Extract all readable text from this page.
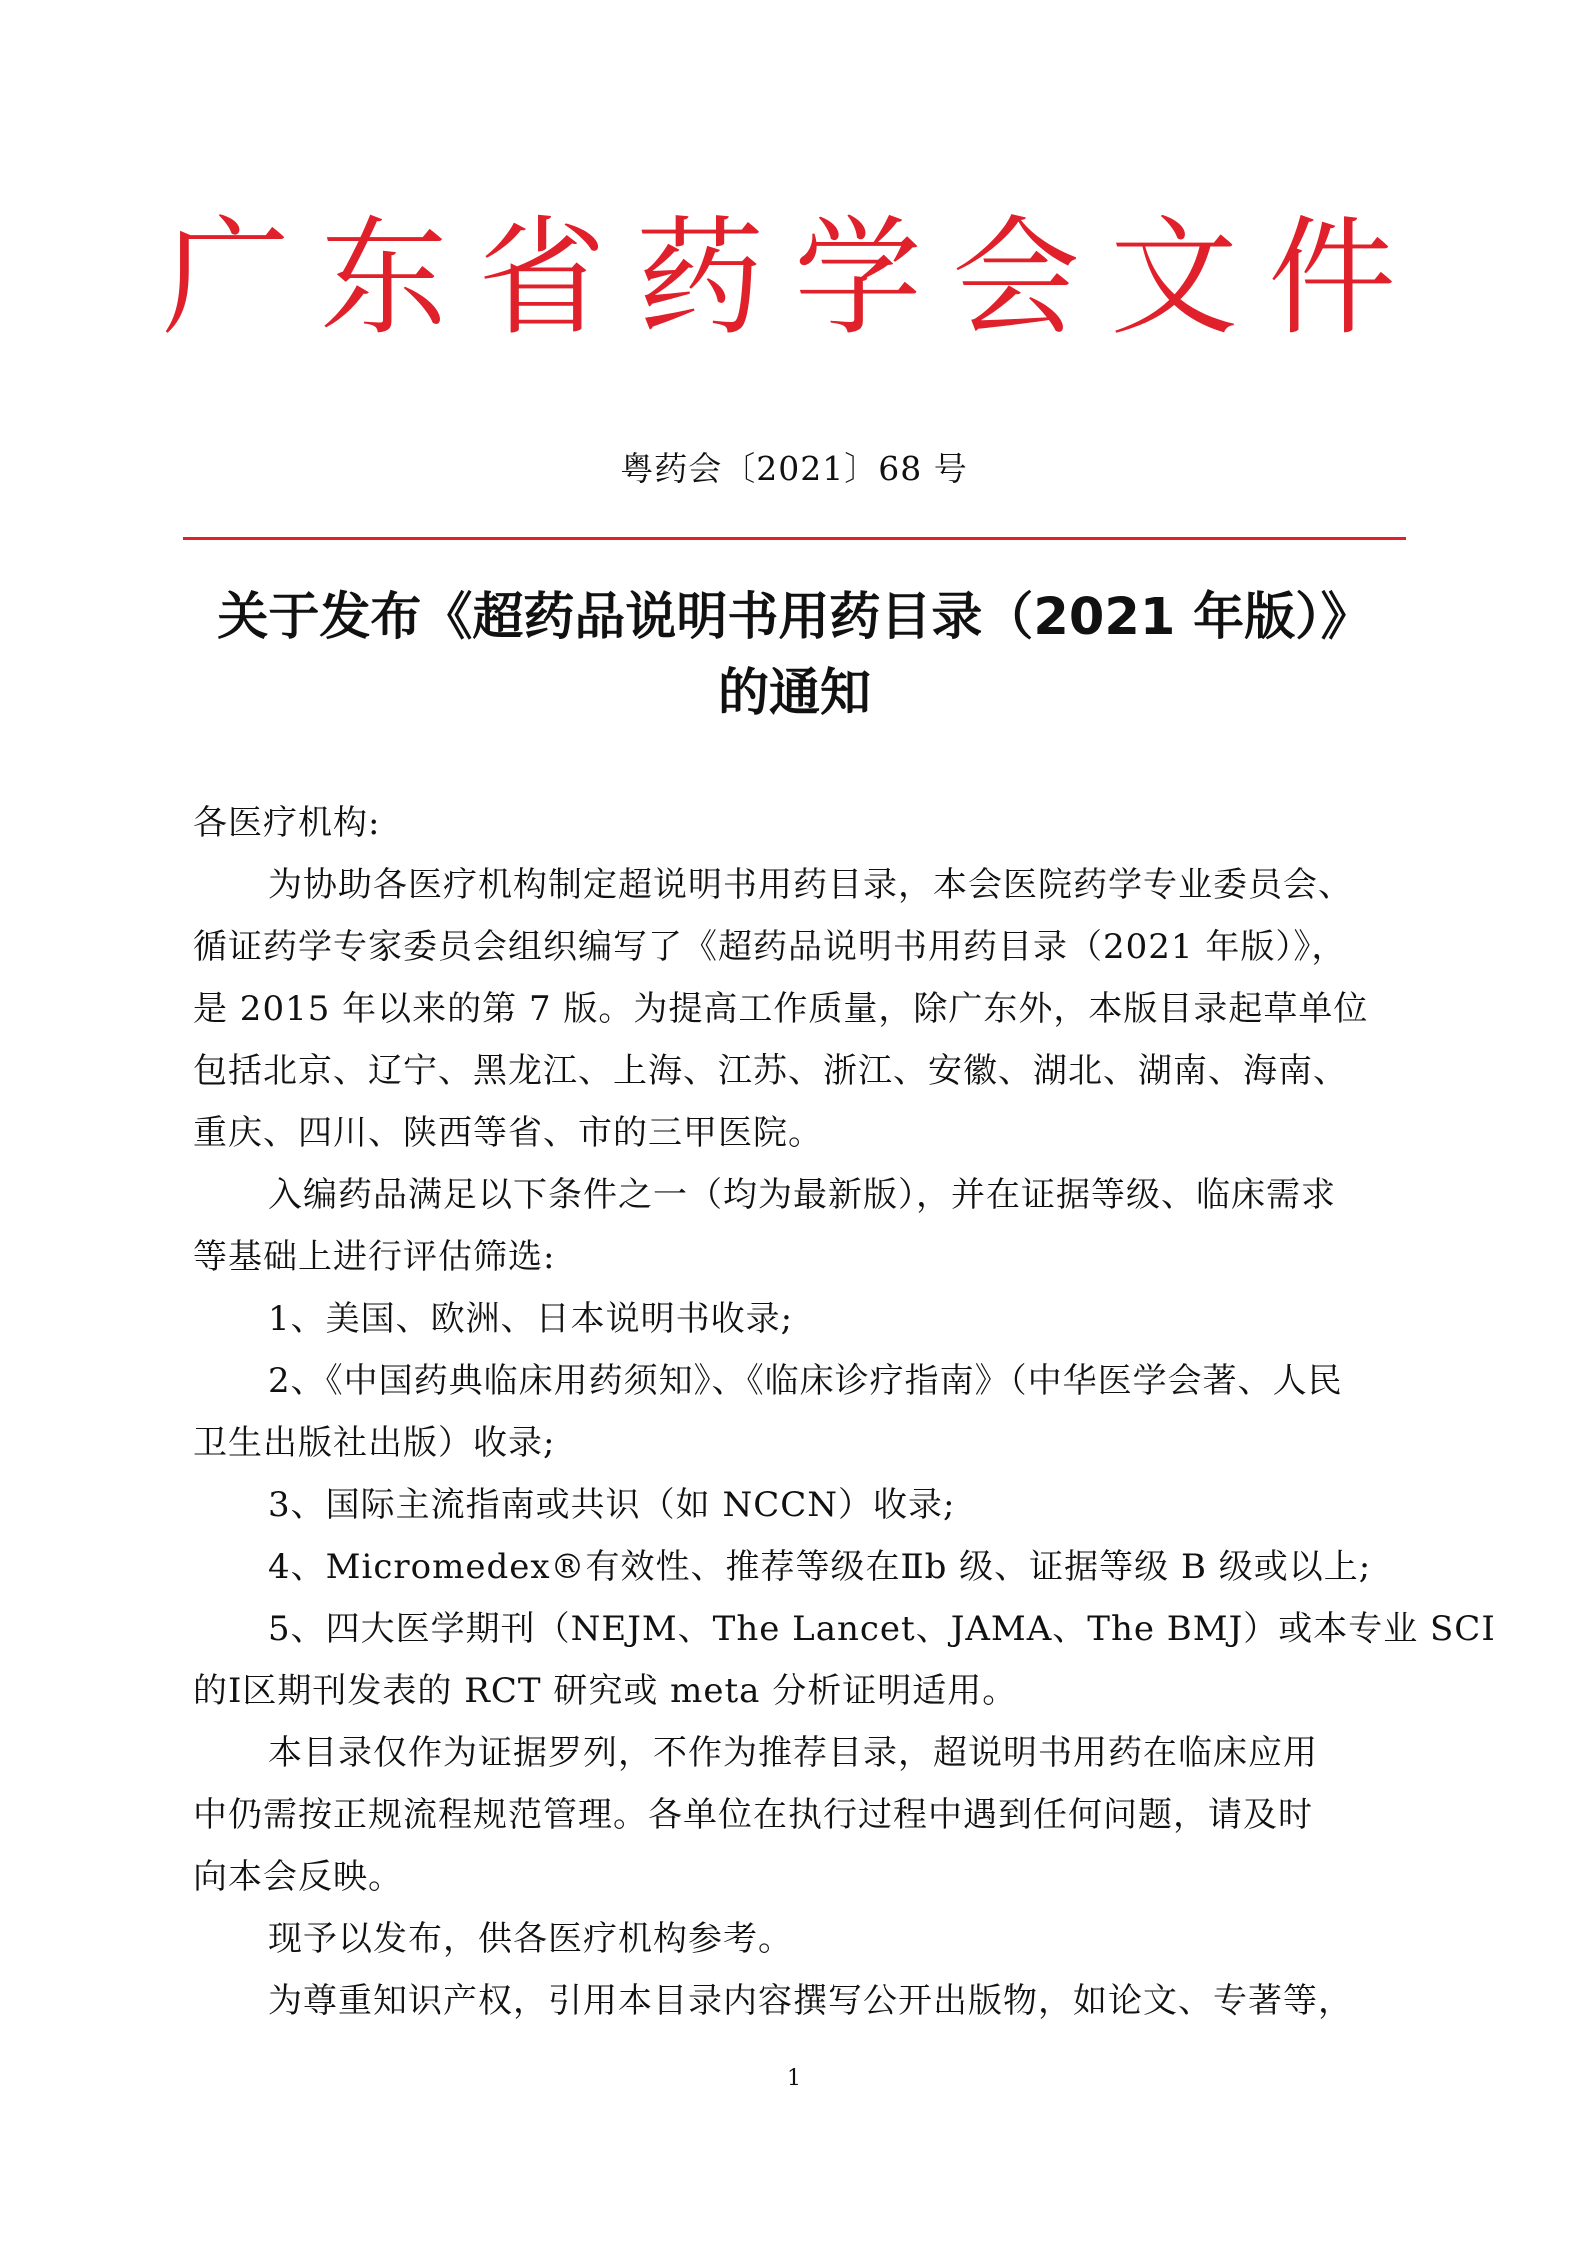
广东省药学会文件
粤药会〔2021〕68 号
关于发布《超药品说明书用药目录（2021 年版）》
的通知
各医疗机构:
为协助各医疗机构制定超说明书用药目录，本会医院药学专业委员会、
循证药学专家委员会组织编写了《超药品说明书用药目录（2021 年版）》，
是 2015 年以来的第 7 版。为提高工作质量，除广东外，本版目录起草单位
包括北京、辽宁、黑龙江、上海、江苏、浙江、安徽、湖北、湖南、海南、
重庆、四川、陕西等省、市的三甲医院。
入编药品满足以下条件之一（均为最新版），并在证据等级、临床需求
等基础上进行评估筛选:
1、美国、欧洲、日本说明书收录;
2、《中国药典临床用药须知》、《临床诊疗指南》（中华医学会著、人民
卫生出版社出版）收录;
3、国际主流指南或共识（如 NCCN）收录;
4、Micromedex®有效性、推荐等级在Ⅱb 级、证据等级 B 级或以上;
5、四大医学期刊（NEJM、The Lancet、JAMA、The BMJ）或本专业 SCI
的Ⅰ区期刊发表的 RCT 研究或 meta 分析证明适用。
本目录仅作为证据罗列，不作为推荐目录，超说明书用药在临床应用
中仍需按正规流程规范管理。各单位在执行过程中遇到任何问题，请及时
向本会反映。
现予以发布，供各医疗机构参考。
为尊重知识产权，引用本目录内容撰写公开出版物，如论文、专著等，
1
